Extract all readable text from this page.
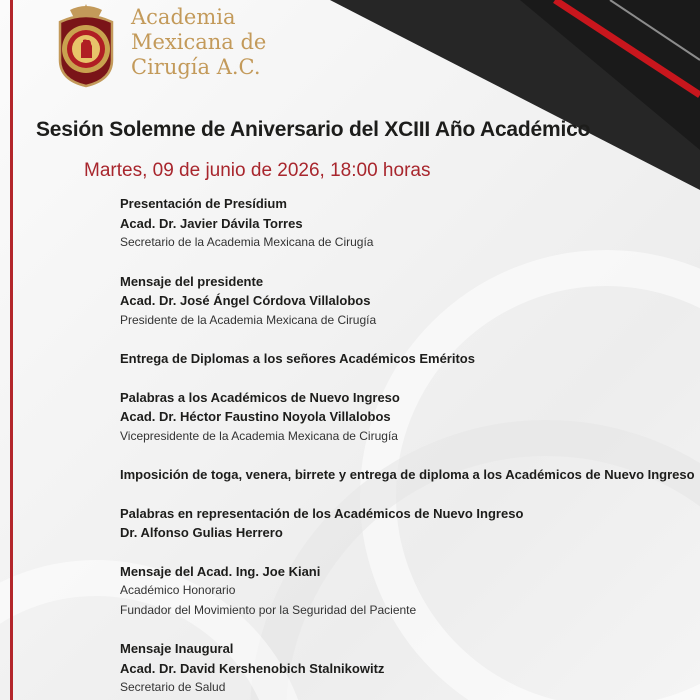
Academia
Mexicana de
Cirugía A.C.
Sesión Solemne de Aniversario del XCIII Año Académico
Martes, 09 de junio de 2026, 18:00 horas
Presentación de Presídium
Acad. Dr. Javier Dávila Torres
Secretario de la Academia Mexicana de Cirugía
Mensaje del presidente
Acad. Dr. José Ángel Córdova Villalobos
Presidente de la Academia Mexicana de Cirugía
Entrega de Diplomas a los señores Académicos Eméritos
Palabras a los Académicos de Nuevo Ingreso
Acad. Dr. Héctor Faustino Noyola Villalobos
Vicepresidente de la Academia Mexicana de Cirugía
Imposición de toga, venera, birrete y entrega de diploma a los Académicos de Nuevo Ingreso
Palabras en representación de los Académicos de Nuevo Ingreso
Dr. Alfonso Gulias Herrero
Mensaje del Acad. Ing. Joe Kiani
Académico Honorario
Fundador del Movimiento por la Seguridad del Paciente
Mensaje Inaugural
Acad. Dr. David Kershenobich Stalnikowitz
Secretario de Salud
